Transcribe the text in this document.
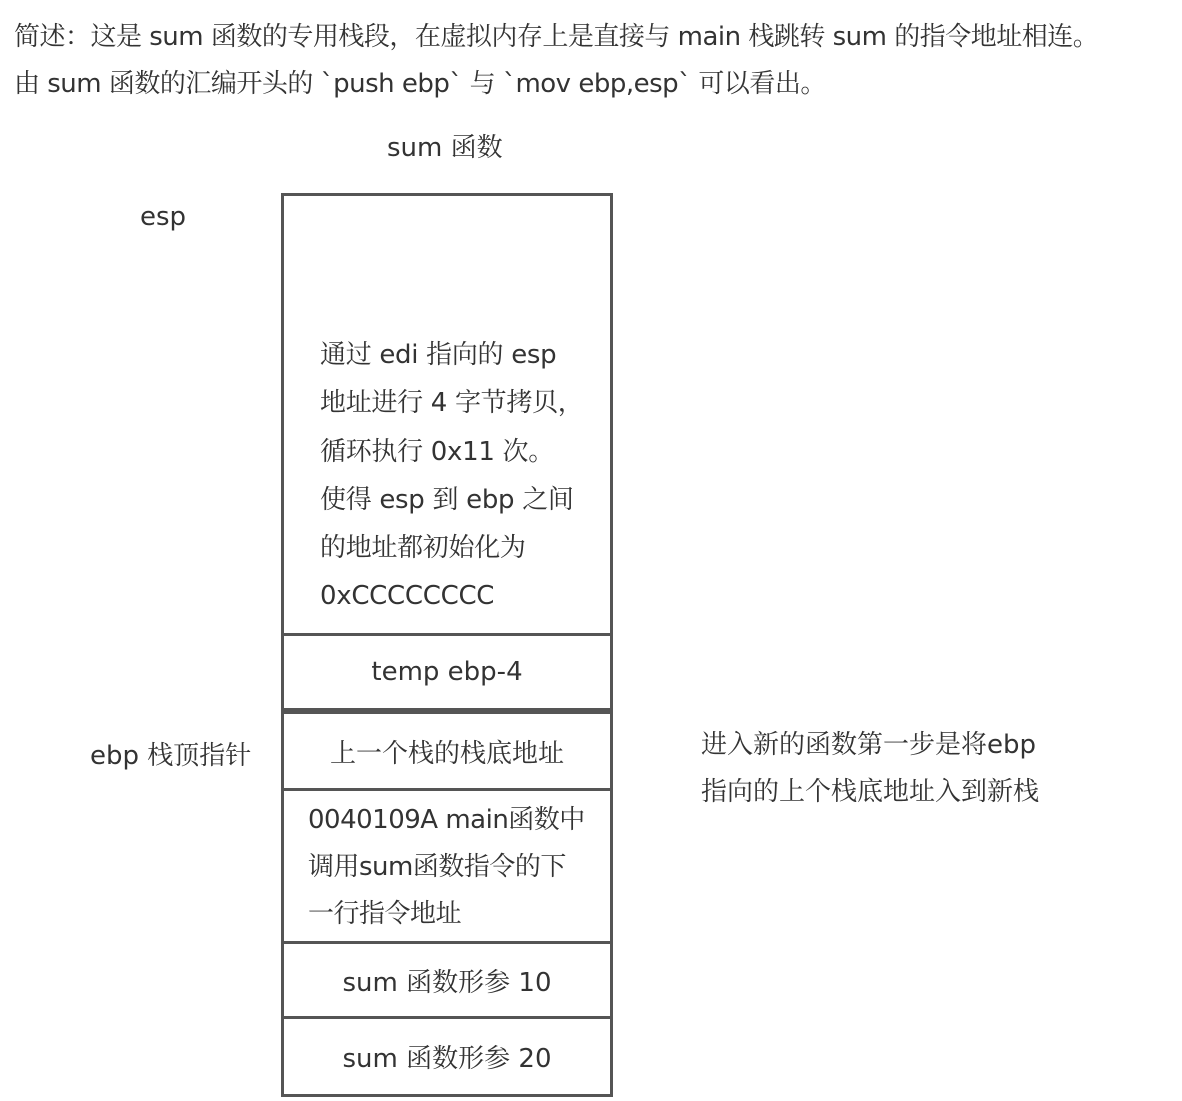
简述：这是 sum 函数的专用栈段，在虚拟内存上是直接与 main 栈跳转 sum 的指令地址相连。

由 sum 函数的汇编开头的 `push ebp` 与 `mov ebp,esp` 可以看出。

sum 函数
esp
ebp 栈顶指针

通过 edi 指向的 esp

地址进行 4 字节拷贝，

循环执行 0x11 次。

使得 esp 到 ebp 之间

的地址都初始化为

0xCCCCCCCC

temp ebp-4
上一个栈的栈底地址

0040109A main函数中

调用sum函数指令的下

一行指令地址

sum 函数形参 10
sum 函数形参 20

进入新的函数第一步是将ebp

指向的上个栈底地址入到新栈
